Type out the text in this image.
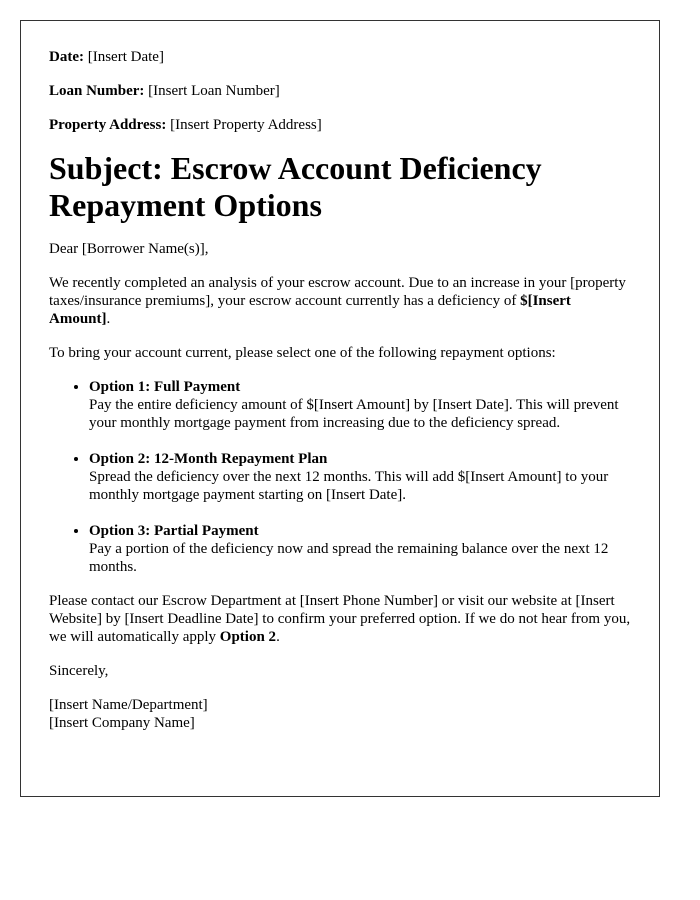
Date: [Insert Date]

Loan Number: [Insert Loan Number]

Property Address: [Insert Property Address]

Subject: Escrow Account Deficiency Repayment Options

Dear [Borrower Name(s)],

We recently completed an analysis of your escrow account. Due to an increase in your [property taxes/insurance premiums], your escrow account currently has a deficiency of $[Insert Amount].

To bring your account current, please select one of the following repayment options:

• Option 1: Full Payment
Pay the entire deficiency amount of $[Insert Amount] by [Insert Date]. This will prevent your monthly mortgage payment from increasing due to the deficiency spread.
• Option 2: 12-Month Repayment Plan
Spread the deficiency over the next 12 months. This will add $[Insert Amount] to your monthly mortgage payment starting on [Insert Date].
• Option 3: Partial Payment
Pay a portion of the deficiency now and spread the remaining balance over the next 12 months.

Please contact our Escrow Department at [Insert Phone Number] or visit our website at [Insert Website] by [Insert Deadline Date] to confirm your preferred option. If we do not hear from you, we will automatically apply Option 2.

Sincerely,

[Insert Name/Department]
[Insert Company Name]
